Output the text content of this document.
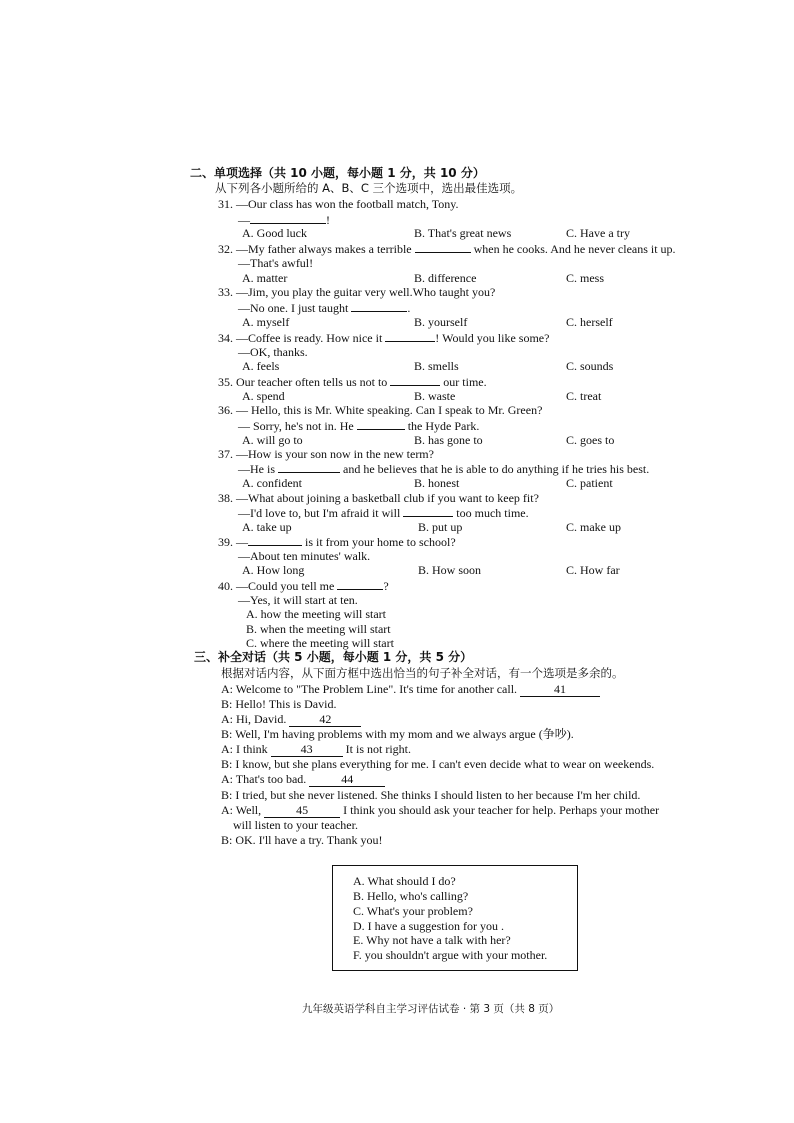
二、单项选择（共 10 小题，每小题 1 分，共 10 分）
从下列各小题所给的 A、B、C 三个选项中，选出最佳选项。
31. —Our class has won the football match, Tony.
—	!
A. Good luck	B. That's great news	C. Have a try
32. —My father always makes a terrible	when he cooks. And he never cleans it up.
—That's awful!
A. matter	B. difference	C. mess
33. —Jim, you play the guitar very well.Who taught you?
—No one. I just taught	.
A. myself	B. yourself	C. herself
34. —Coffee is ready. How nice it	! Would you like some?
—OK, thanks.
A. feels	B. smells	C. sounds
35. Our teacher often tells us not to	our time.
A. spend	B. waste	C. treat
36. — Hello, this is Mr. White speaking. Can I speak to Mr. Green?
— Sorry, he's not in. He	the Hyde Park.
A. will go to	B. has gone to	C. goes to
37. —How is your son now in the new term?
—He is	and he believes that he is able to do anything if he tries his best.
A. confident	B. honest	C. patient
38. —What about joining a basketball club if you want to keep fit?
—I'd love to, but I'm afraid it will	too much time.
A. take up	B. put up	C. make up
39. —	is it from your home to school?
—About ten minutes' walk.
A. How long	B. How soon	C. How far
40. —Could you tell me	?
—Yes, it will start at ten.
A. how the meeting will start
B. when the meeting will start
C. where the meeting will start
三、补全对话（共 5 小题，每小题 1 分，共 5 分）
根据对话内容，从下面方框中选出恰当的句子补全对话，有一个选项是多余的。
A: Welcome to "The Problem Line". It's time for another call.	41
B: Hello! This is David.
A: Hi, David.	42
B: Well, I'm having problems with my mom and we always argue (争吵).
A: I think	43	It is not right.
B: I know, but she plans everything for me. I can't even decide what to wear on weekends.
A: That's too bad.	44
B: I tried, but she never listened. She thinks I should listen to her because I'm her child.
A: Well,	45	I think you should ask your teacher for help. Perhaps your mother
will listen to your teacher.
B: OK. I'll have a try. Thank you!
A. What should I do?
B. Hello, who's calling?
C. What's your problem?
D. I have a suggestion for you .
E. Why not have a talk with her?
F. you shouldn't argue with your mother.
九年级英语学科自主学习评估试卷 · 第 3 页（共 8 页）
